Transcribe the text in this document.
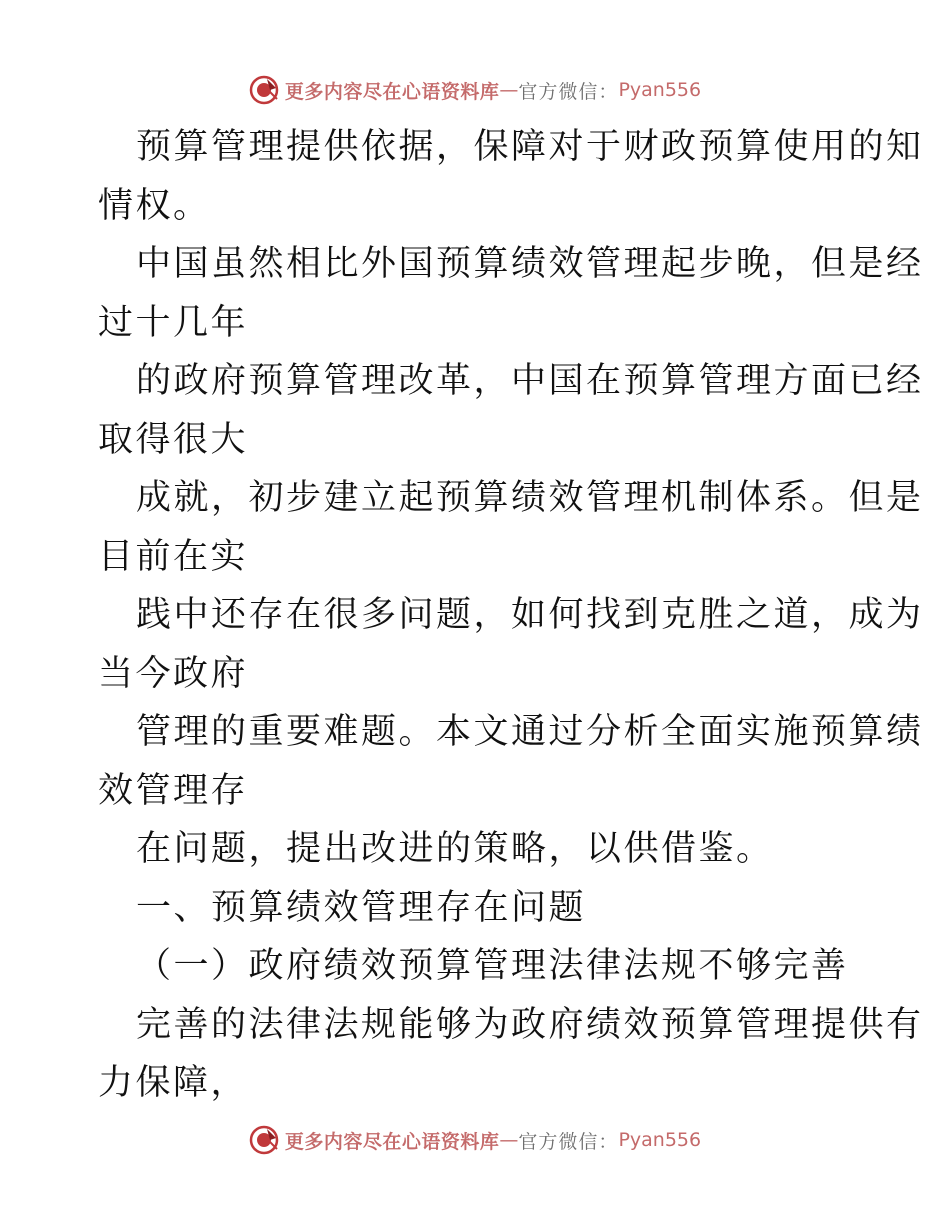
更多内容尽在心语资料库 — 官方微信： Pyan556
预算管理提供依据，保障对于财政预算使用的知
情权。
中国虽然相比外国预算绩效管理起步晚，但是经
过十几年
的政府预算管理改革，中国在预算管理方面已经
取得很大
成就，初步建立起预算绩效管理机制体系。但是
目前在实
践中还存在很多问题，如何找到克胜之道，成为
当今政府
管理的重要难题。本文通过分析全面实施预算绩
效管理存
在问题，提出改进的策略，以供借鉴。
一、预算绩效管理存在问题
（一）政府绩效预算管理法律法规不够完善
完善的法律法规能够为政府绩效预算管理提供有
力保障，
更多内容尽在心语资料库 — 官方微信： Pyan556
